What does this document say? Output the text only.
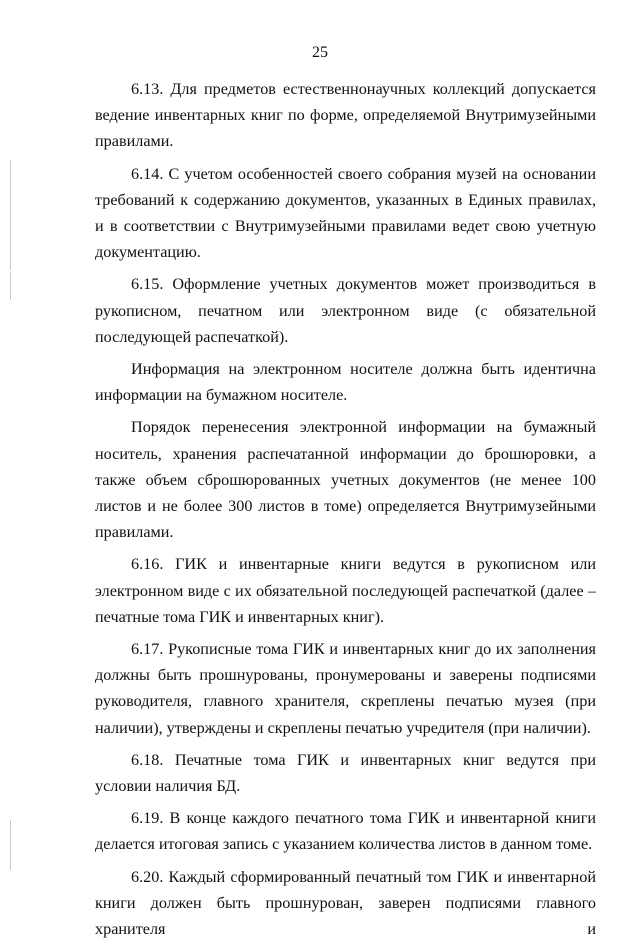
25

6.13. Для предметов естественнонаучных коллекций допускается ведение инвентарных книг по форме, определяемой Внутримузейными правилами.

6.14. С учетом особенностей своего собрания музей на основании требований к содержанию документов, указанных в Единых правилах, и в соответствии с Внутримузейными правилами ведет свою учетную документацию.

6.15. Оформление учетных документов может производиться в рукописном, печатном или электронном виде (с обязательной последующей распечаткой).

Информация на электронном носителе должна быть идентична информации на бумажном носителе.

Порядок перенесения электронной информации на бумажный носитель, хранения распечатанной информации до брошюровки, а также объем сброшюрованных учетных документов (не менее 100 листов и не более 300 листов в томе) определяется Внутримузейными правилами.

6.16. ГИК и инвентарные книги ведутся в рукописном или электронном виде с их обязательной последующей распечаткой (далее – печатные тома ГИК и инвентарных книг).

6.17. Рукописные тома ГИК и инвентарных книг до их заполнения должны быть прошнурованы, пронумерованы и заверены подписями руководителя, главного хранителя, скреплены печатью музея (при наличии), утверждены и скреплены печатью учредителя (при наличии).

6.18. Печатные тома ГИК и инвентарных книг ведутся при условии наличия БД.

6.19. В конце каждого печатного тома ГИК и инвентарной книги делается итоговая запись с указанием количества листов в данном томе.

6.20. Каждый сформированный печатный том ГИК и инвентарной книги должен быть прошнурован, заверен подписями главного хранителя и
